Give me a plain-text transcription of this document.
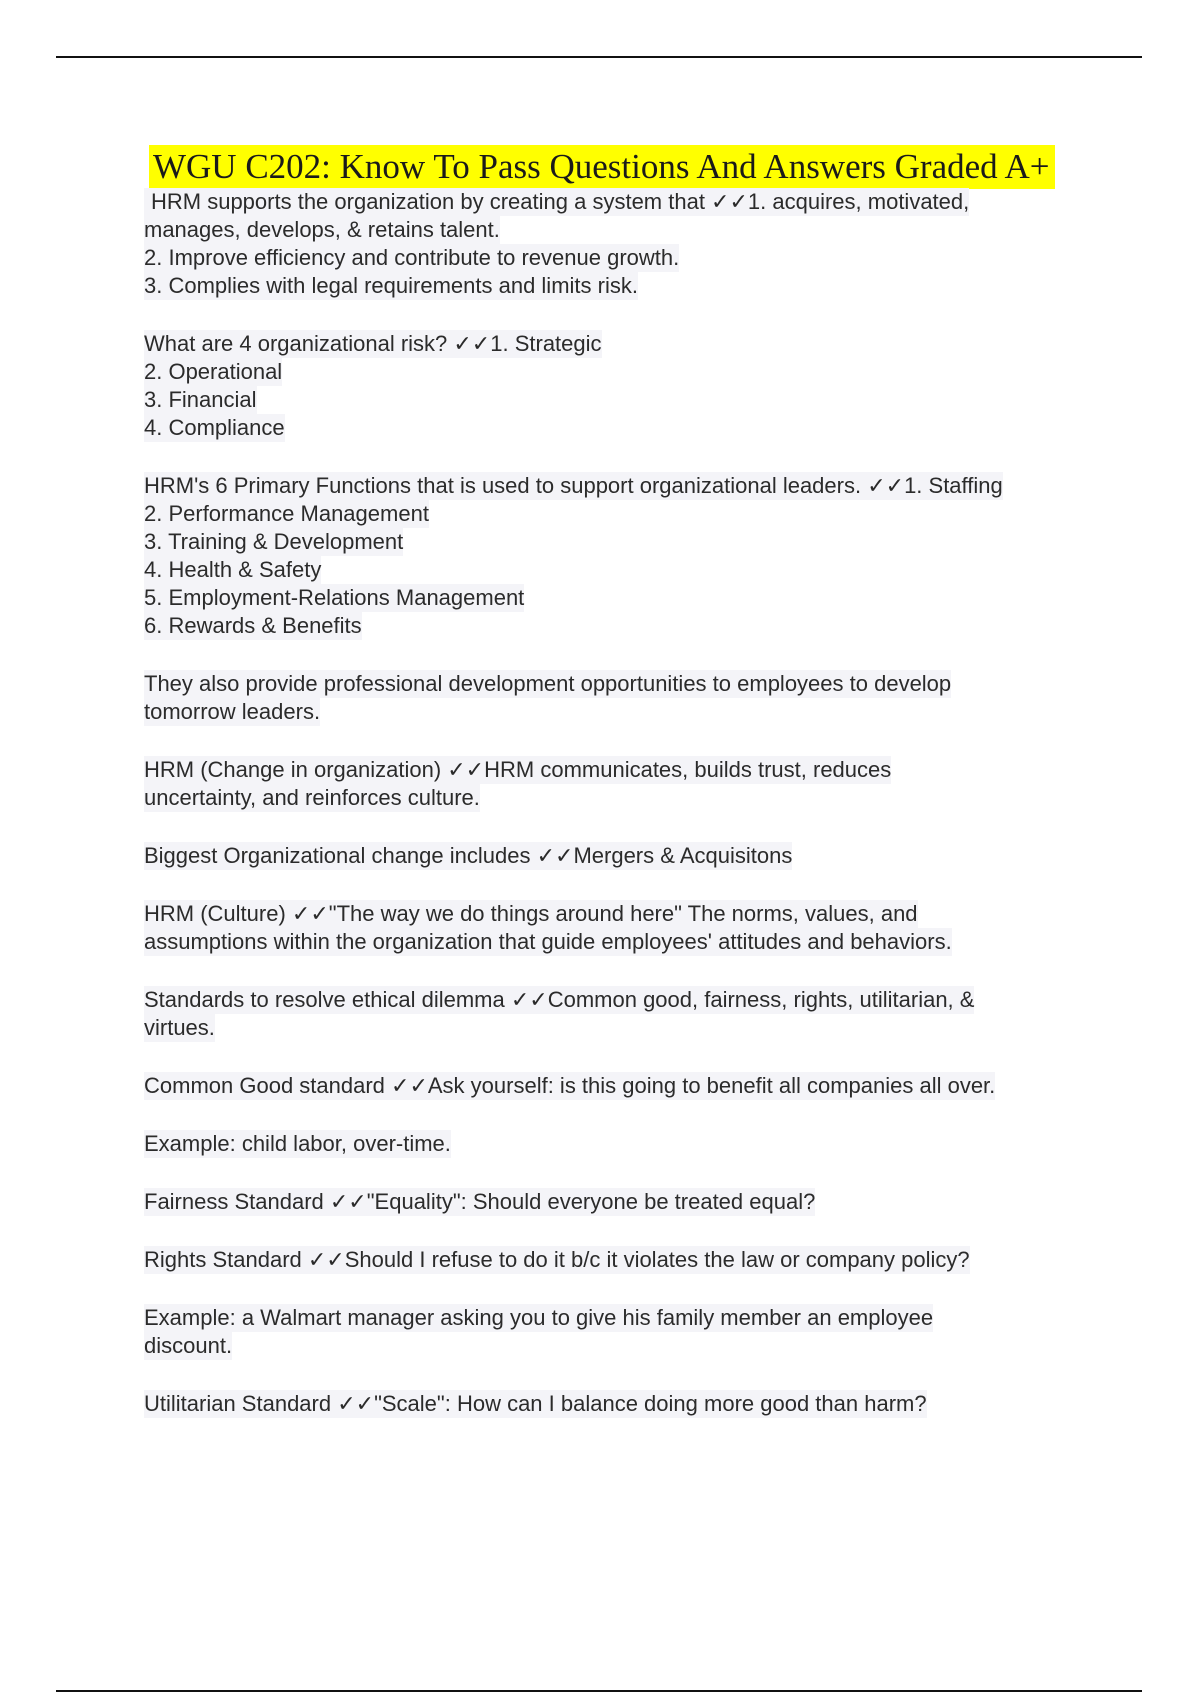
WGU C202: Know To Pass Questions And Answers Graded A+
HRM supports the organization by creating a system that ✓✓1. acquires, motivated,
manages, develops, & retains talent.
2. Improve efficiency and contribute to revenue growth.
3. Complies with legal requirements and limits risk.
What are 4 organizational risk? ✓✓1. Strategic
2. Operational
3. Financial
4. Compliance
HRM's 6 Primary Functions that is used to support organizational leaders. ✓✓1. Staffing
2. Performance Management
3. Training & Development
4. Health & Safety
5. Employment-Relations Management
6. Rewards & Benefits
They also provide professional development opportunities to employees to develop
tomorrow leaders.
HRM (Change in organization) ✓✓HRM communicates, builds trust, reduces
uncertainty, and reinforces culture.
Biggest Organizational change includes ✓✓Mergers & Acquisitons
HRM (Culture) ✓✓"The way we do things around here" The norms, values, and
assumptions within the organization that guide employees' attitudes and behaviors.
Standards to resolve ethical dilemma ✓✓Common good, fairness, rights, utilitarian, &
virtues.
Common Good standard ✓✓Ask yourself: is this going to benefit all companies all over.
Example: child labor, over-time.
Fairness Standard ✓✓"Equality": Should everyone be treated equal?
Rights Standard ✓✓Should I refuse to do it b/c it violates the law or company policy?
Example: a Walmart manager asking you to give his family member an employee
discount.
Utilitarian Standard ✓✓"Scale": How can I balance doing more good than harm?
